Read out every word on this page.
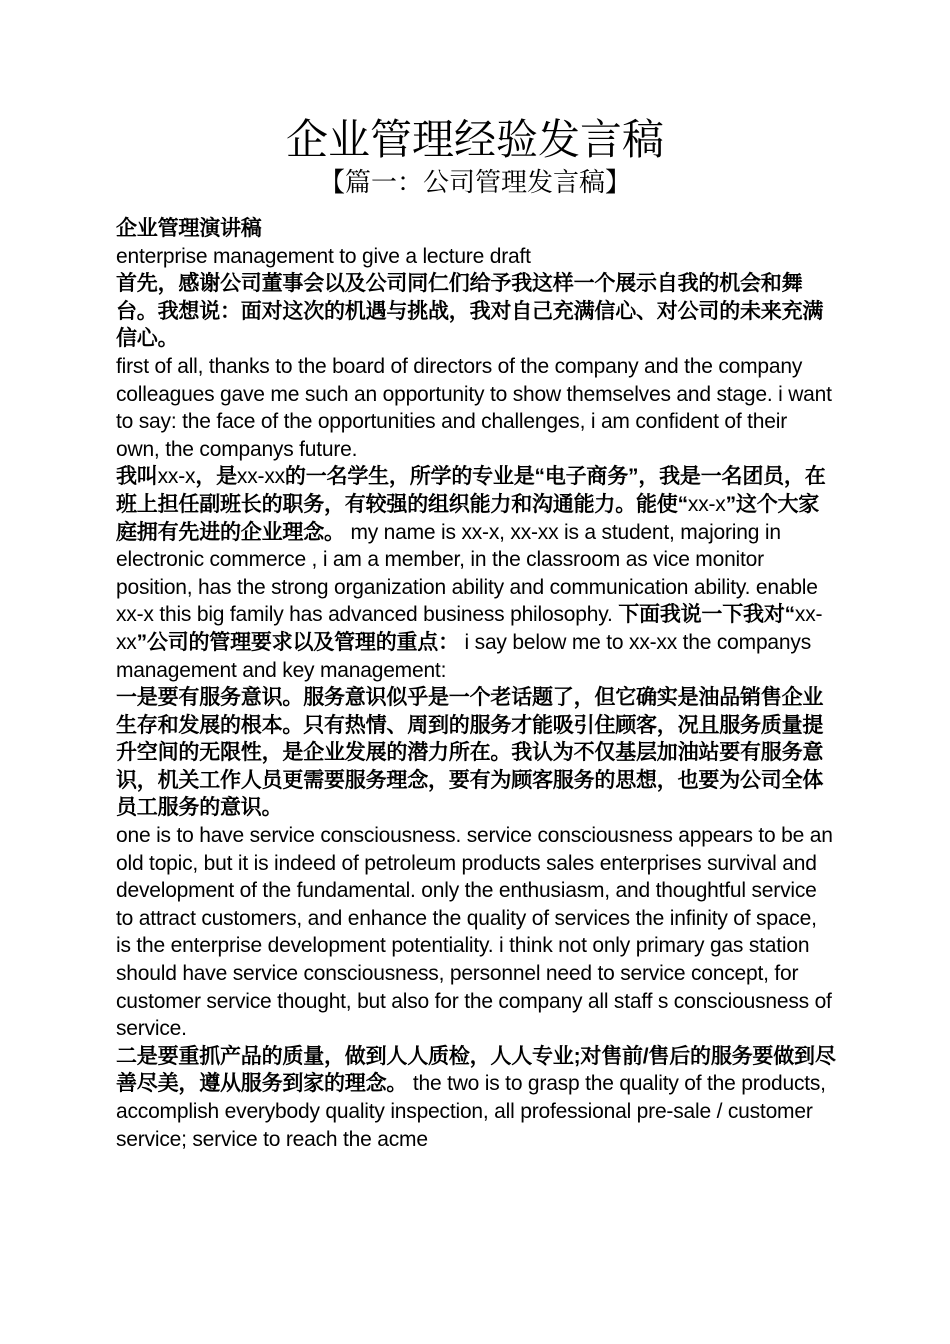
企业管理经验发言稿
【篇一：公司管理发言稿】

企业管理演讲稿

enterprise management to give a lecture draft

首先，感谢公司董事会以及公司同仁们给予我这样一个展示自我的机会和舞台。我想说：面对这次的机遇与挑战，我对自己充满信心、对公司的未来充满信心。

first of all, thanks to the board of directors of the company and the company colleagues gave me such an opportunity to show themselves and stage. i want to say: the face of the opportunities and challenges, i am confident of their own, the companys future.

我叫xx-x，是xx-xx的一名学生，所学的专业是“电子商务”，我是一名团员，在班上担任副班长的职务，有较强的组织能力和沟通能力。能使“xx-x”这个大家庭拥有先进的企业理念。 my name is xx-x, xx-xx is a student, majoring in electronic commerce , i am a member, in the classroom as vice monitor position, has the strong organization ability and communication ability. enable xx-x this big family has advanced business philosophy. 下面我说一下我对“xx-xx”公司的管理要求以及管理的重点： i say below me to xx-xx the companys management and key management:

一是要有服务意识。服务意识似乎是一个老话题了，但它确实是油品销售企业生存和发展的根本。只有热情、周到的服务才能吸引住顾客，况且服务质量提升空间的无限性，是企业发展的潜力所在。我认为不仅基层加油站要有服务意识，机关工作人员更需要服务理念，要有为顾客服务的思想，也要为公司全体员工服务的意识。

one is to have service consciousness. service consciousness appears to be an old topic, but it is indeed of petroleum products sales enterprises survival and development of the fundamental. only the enthusiasm, and thoughtful service to attract customers, and enhance the quality of services the infinity of space, is the enterprise development potentiality. i think not only primary gas station should have service consciousness, personnel need to service concept, for customer service thought, but also for the company all staff s consciousness of service.

二是要重抓产品的质量，做到人人质检，人人专业;对售前/售后的服务要做到尽善尽美，遵从服务到家的理念。 the two is to grasp the quality of the products, accomplish everybody quality inspection, all professional pre-sale / customer service; service to reach the acme
